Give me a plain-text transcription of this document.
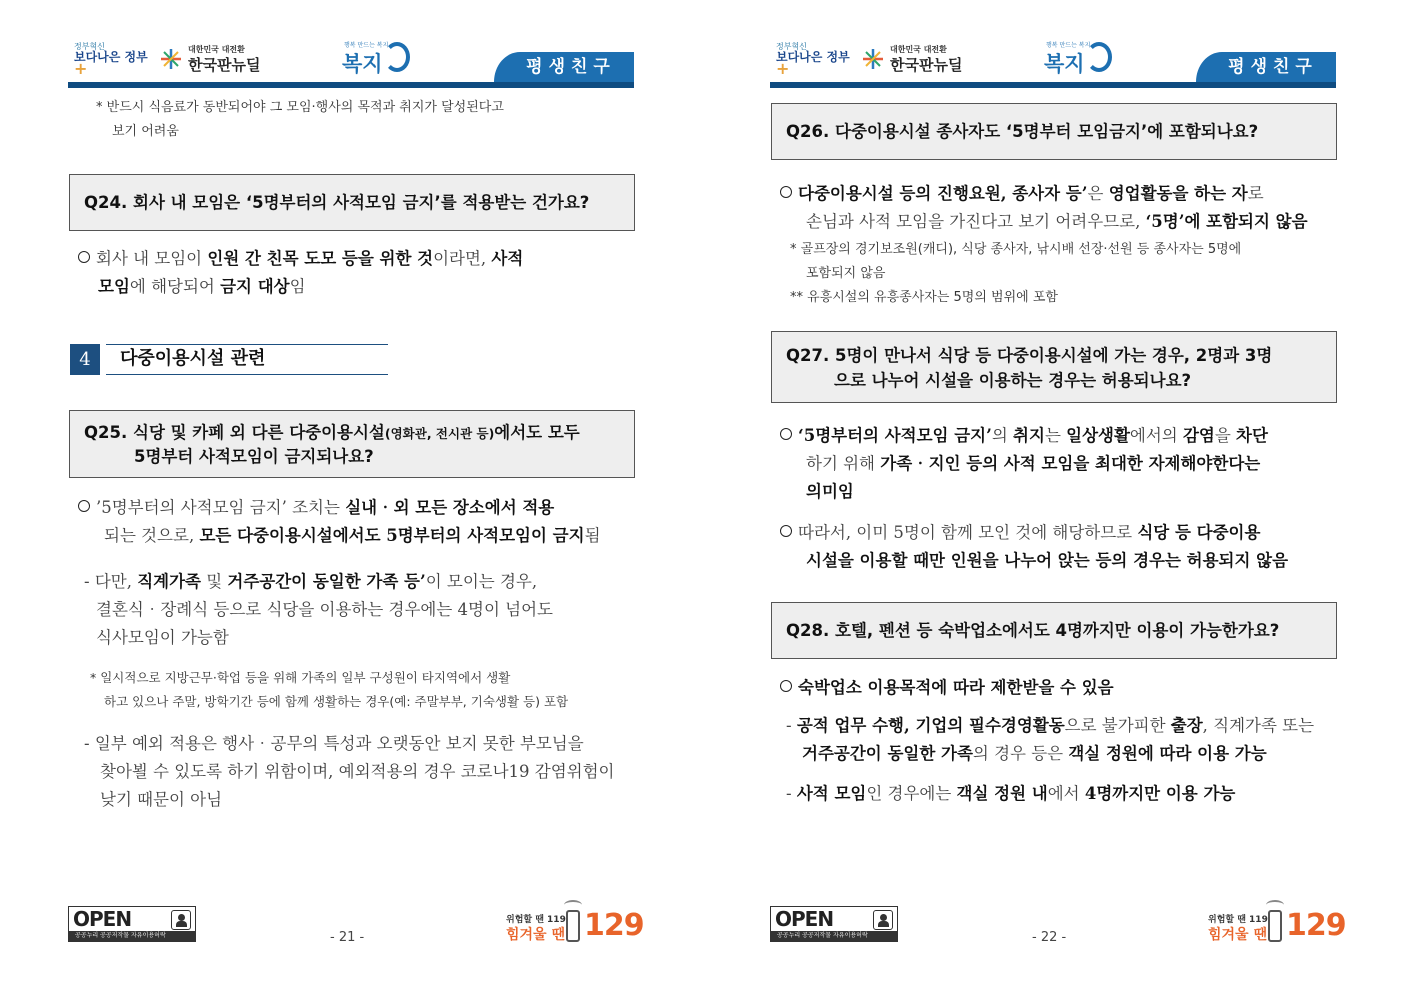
정부혁신
보다나은 정부+
대한민국 대전환
한국판뉴딜
행복 만드는 복지
복지	평생친구
* 반드시 식음료가 동반되어야 그 모임·행사의 목적과 취지가 달성된다고
보기 어려움
Q24. 회사 내 모임은 ‘5명부터의 사적모임 금지’를 적용받는 건가요?
회사 내 모임이 인원 간 친목 도모 등을 위한 것이라면, 사적
모임에 해당되어 금지 대상임
4	다중이용시설 관련
Q25. 식당 및 카페 외 다른 다중이용시설(영화관, 전시관 등)에서도 모두
5명부터 사적모임이 금지되나요?
’5명부터의 사적모임 금지’ 조치는 실내‧외 모든 장소에서 적용
되는 것으로, 모든 다중이용시설에서도 5명부터의 사적모임이 금지됨
- 다만, 직계가족 및 거주공간이 동일한 가족 등’이 모이는 경우,
결혼식‧장례식 등으로 식당을 이용하는 경우에는 4명이 넘어도
식사모임이 가능함
* 일시적으로 지방근무·학업 등을 위해 가족의 일부 구성원이 타지역에서 생활
하고 있으나 주말, 방학기간 등에 함께 생활하는 경우(예: 주말부부, 기숙생활 등) 포함
- 일부 예외 적용은 행사‧공무의 특성과 오랫동안 보지 못한 부모님을
찾아뵐 수 있도록 하기 위함이며, 예외적용의 경우 코로나19 감염위험이
낮기 때문이 아님
OPEN
공공누리 공공저작물 자유이용허락	- 21 -
위험할 땐 119
힘겨울 땐 129
정부혁신
보다나은 정부+
대한민국 대전환
한국판뉴딜
행복 만드는 복지
복지	평생친구
Q26. 다중이용시설 종사자도 ‘5명부터 모임금지’에 포함되나요?
다중이용시설 등의 진행요원, 종사자 등’은 영업활동을 하는 자로
손님과 사적 모임을 가진다고 보기 어려우므로, ‘5명’에 포함되지 않음
* 골프장의 경기보조원(캐디), 식당 종사자, 낚시배 선장·선원 등 종사자는 5명에
포함되지 않음
** 유흥시설의 유흥종사자는 5명의 범위에 포함
Q27. 5명이 만나서 식당 등 다중이용시설에 가는 경우, 2명과 3명
으로 나누어 시설을 이용하는 경우는 허용되나요?
‘5명부터의 사적모임 금지’의 취지는 일상생활에서의 감염을 차단
하기 위해 가족‧지인 등의 사적 모임을 최대한 자제해야한다는
의미임
따라서, 이미 5명이 함께 모인 것에 해당하므로 식당 등 다중이용
시설을 이용할 때만 인원을 나누어 앉는 등의 경우는 허용되지 않음
Q28. 호텔, 펜션 등 숙박업소에서도 4명까지만 이용이 가능한가요?
숙박업소 이용목적에 따라 제한받을 수 있음
- 공적 업무 수행, 기업의 필수경영활동으로 불가피한 출장, 직계가족 또는
거주공간이 동일한 가족의 경우 등은 객실 정원에 따라 이용 가능
- 사적 모임인 경우에는 객실 정원 내에서 4명까지만 이용 가능
OPEN
공공누리 공공저작물 자유이용허락	- 22 -
위험할 땐 119
힘겨울 땐 129
